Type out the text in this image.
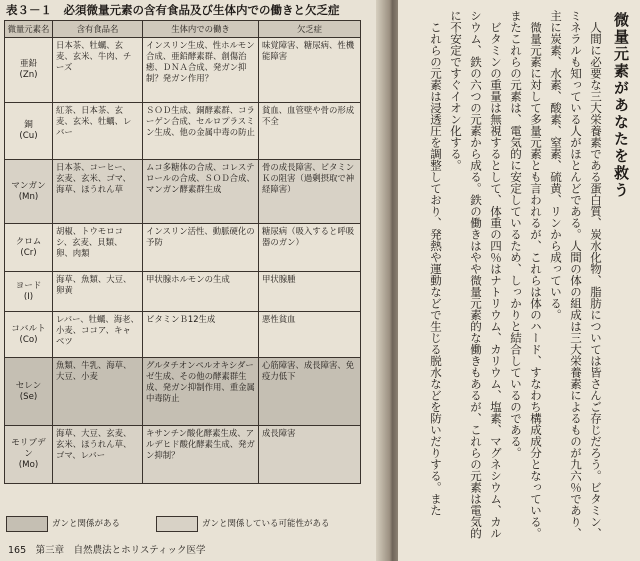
表３－１　必須微量元素の含有食品及び生体内での働きと欠乏症
微量元素名	含有食品名	生体内での働き	欠乏症
亜鉛
(Zn)	日本茶、牡蠣、玄麦、玄米、牛肉、チーズ	インスリン生成、性ホルモン合成、亜鉛酵素群、創傷治癒、ＤＮＡ合成、発ガン抑制？発ガン作用？	味覚障害、糖尿病、性機能障害
銅
(Cu)	紅茶、日本茶、玄麦、玄米、牡蠣、レバー	ＳＯＤ生成、銅酵素群、コラーゲン合成、セルロプラスミン生成、他の金属中毒の防止	貧血、血管壁や骨の形成不全
マンガン
(Mn)	日本茶、コーヒー、玄麦、玄米、ゴマ、海草、ほうれん草	ムコ多糖体の合成、コレステロールの合成、ＳＯＤ合成、マンガン酵素群生成	骨の成長障害、ビタミンＫの阻害（過剰摂取で神経障害）
クロム
(Cr)	胡椒、トウモロコシ、玄麦、貝類、卵、肉類	インスリン活性、動脈硬化の予防	糖尿病（吸入すると呼吸器のガン）
ヨード
(I)	海草、魚類、大豆、卵黄	甲状腺ホルモンの生成	甲状腺腫
コバルト
(Co)	レバー、牡蠣、海老、小麦、ココア、キャベツ	ビタミンＢ12生成	悪性貧血
セレン
(Se)	魚類、牛乳、海草、大豆、小麦	グルタチオンペルオキシダーゼ生成、その他の酵素群生成、発ガン抑制作用、重金属中毒防止	心筋障害、成長障害、免疫力低下
モリブデン
(Mo)	海草、大豆、玄麦、玄米、ほうれん草、ゴマ、レバー	キサンチン酸化酵素生成、アルデヒド酸化酵素生成、発ガン抑制？	成長障害
ガンと関係がある	ガンと関係している可能性がある
165　第三章　自然農法とホリスティック医学
微量元素があなたを救う

　人間に必要な三大栄養素である蛋白質、炭水化物、脂肪については皆さんご存じだろう。ビタミン、ミネラルも知っている人がほとんどである。人間の体の組成は三大栄養素によるものが九六％であり、主に炭素、水素、酸素、窒素、硫黄、リンから成っている。

　微量元素に対して多量元素とも言われるが、これらは体のハード、すなわち構成成分となっている。またこれらの元素は、電気的に安定しているため、しっかりと結合しているのである。

　ビタミンの重量は無視するとして、体重の四％はナトリウム、カリウム、塩素、マグネシウム、カルシウム、鉄の六つの元素から成る。鉄の働きはやや微量元素的な働きもあるが、これらの元素は電気的に不安定ですぐイオン化する。

　これらの元素は浸透圧を調整しており、発熱や運動などで生じる脱水などを防いだりする。また
